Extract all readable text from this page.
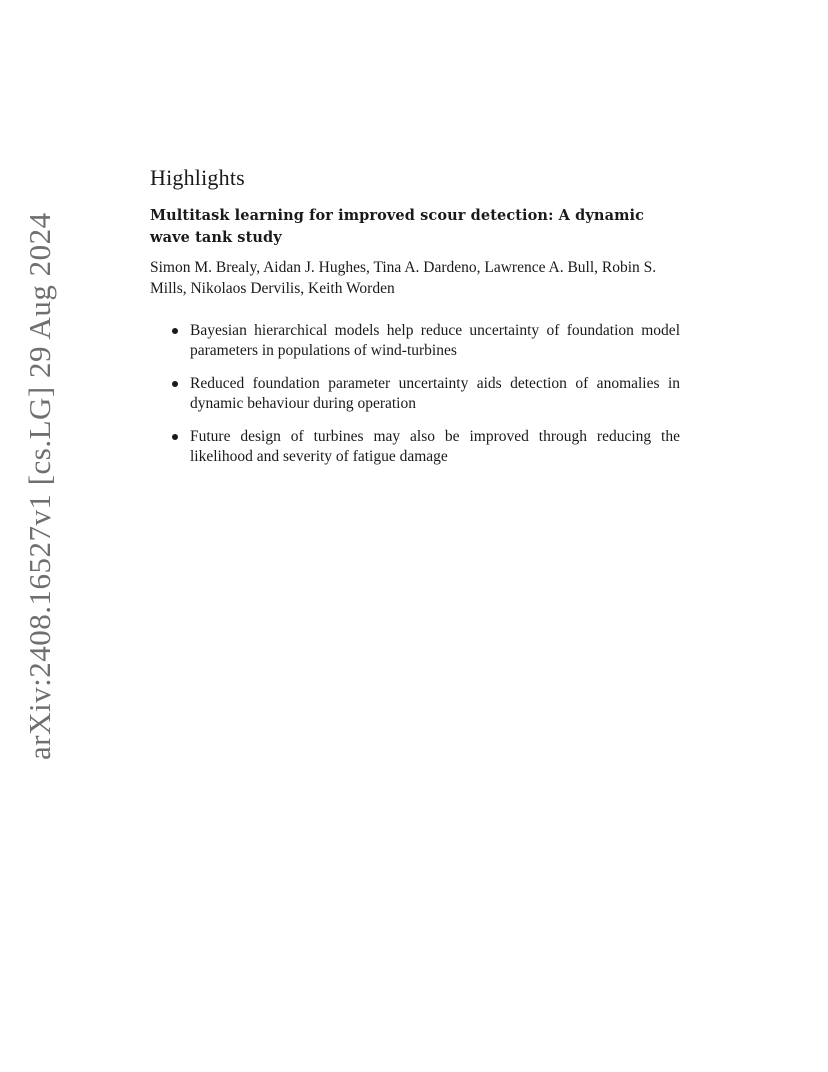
arXiv:2408.16527v1 [cs.LG] 29 Aug 2024
Highlights
Multitask learning for improved scour detection: A dynamic wave tank study
Simon M. Brealy, Aidan J. Hughes, Tina A. Dardeno, Lawrence A. Bull, Robin S. Mills, Nikolaos Dervilis, Keith Worden
Bayesian hierarchical models help reduce uncertainty of foundation model parameters in populations of wind-turbines
Reduced foundation parameter uncertainty aids detection of anomalies in dynamic behaviour during operation
Future design of turbines may also be improved through reducing the likelihood and severity of fatigue damage
